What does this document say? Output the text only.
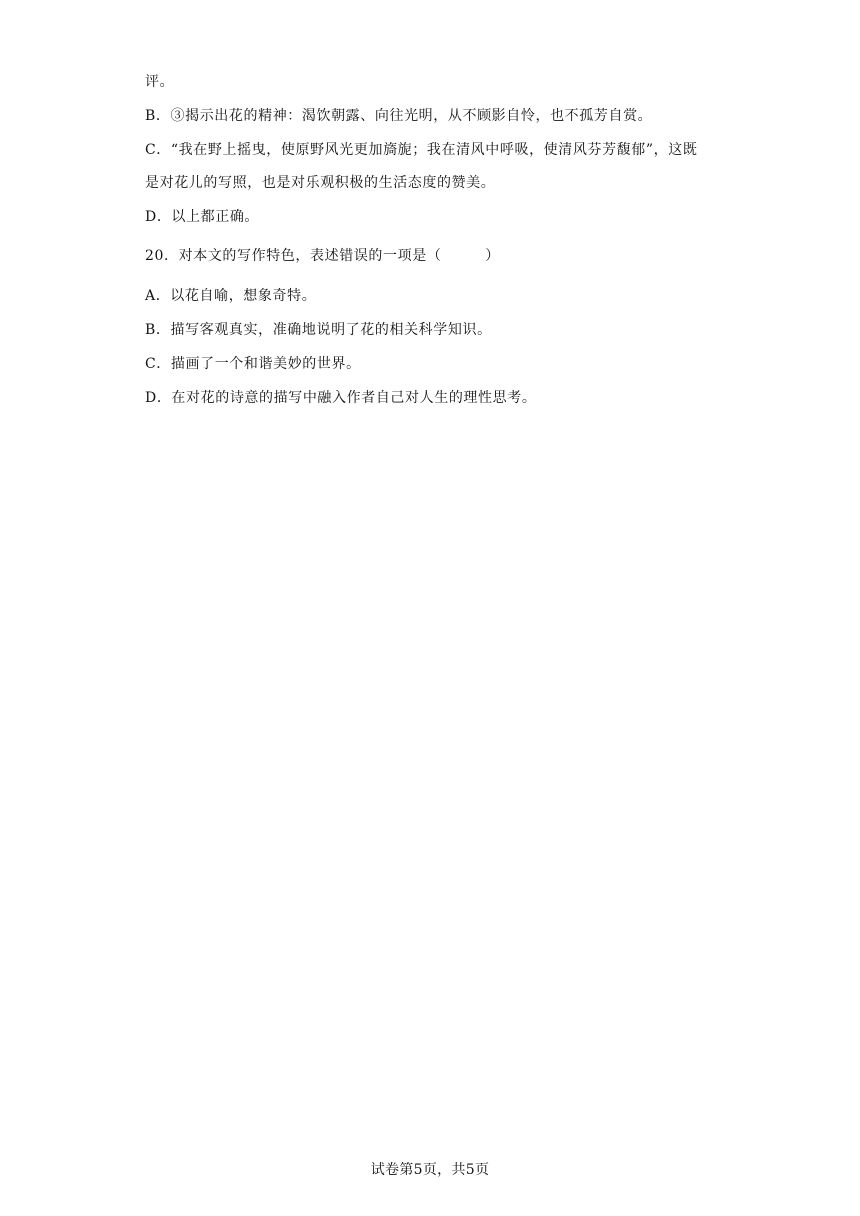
评。
B．③揭示出花的精神：渴饮朝露、向往光明，从不顾影自怜，也不孤芳自赏。
C．“我在野上摇曳，使原野风光更加旖旎；我在清风中呼吸，使清风芬芳馥郁”，这既
是对花儿的写照，也是对乐观积极的生活态度的赞美。
D．以上都正确。
20．对本文的写作特色，表述错误的一项是（　　　）
A．以花自喻，想象奇特。
B．描写客观真实，准确地说明了花的相关科学知识。
C．描画了一个和谐美妙的世界。
D．在对花的诗意的描写中融入作者自己对人生的理性思考。
试卷第5页，共5页
